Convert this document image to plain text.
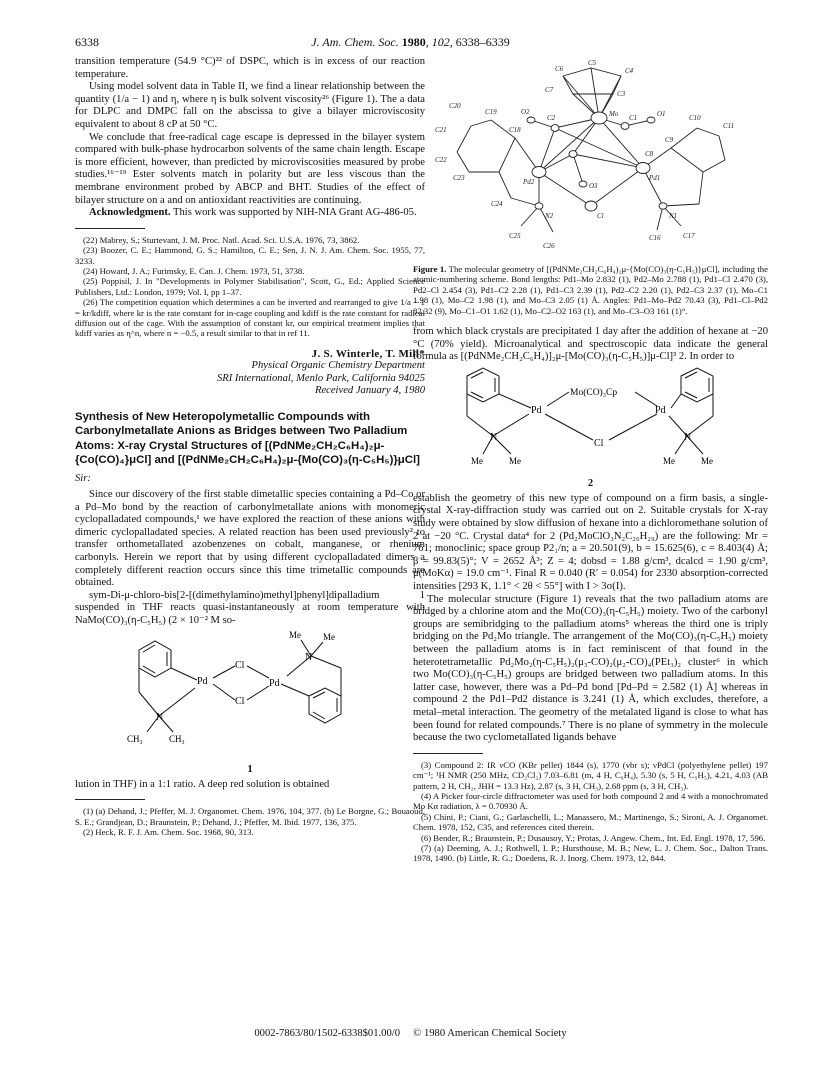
6338	J. Am. Chem. Soc. 1980, 102, 6338–6339

transition temperature (54.9 °C)²² of DSPC, which is in excess of our reaction temperature.

Using model solvent data in Table II, we find a linear relationship between the quantity (1/a − 1) and η, where η is bulk solvent viscosity²⁶ (Figure 1). The a data for DLPC and DMPC fall on the abscissa to give a bilayer microviscosity equivalent to about 8 cP at 50 °C.

We conclude that free-radical cage escape is depressed in the bilayer system compared with bulk-phase hydrocarbon solvents of the same chain length. Escape is more efficient, however, than predicted by microviscosities measured by probe studies.¹⁶⁻¹⁹ Ester solvents match in polarity but are less viscous than the membrane environment probed by ABCP and BHT. Studies of the effect of bilayer structure on a and on antioxidant reactivities are continuing.

Acknowledgment. This work was supported by NIH-NIA Grant AG-486-05.

(22) Mabrey, S.; Sturtevant, J. M. Proc. Natl. Acad. Sci. U.S.A. 1976, 73, 3862.

(23) Boozer, C. E.; Hammond, G. S.; Hamilton, C. E.; Sen, J. N. J. Am. Chem. Soc. 1955, 77, 3233.

(24) Howard, J. A.; Furimsky, E. Can. J. Chem. 1973, 51, 3738.

(25) Poppisil, J. In "Developments in Polymer Stabilisation", Scott, G., Ed.; Applied Science Publishers, Ltd.: London, 1979; Vol. I, pp 1–37.

(26) The competition equation which determines a can be inverted and rearranged to give 1/a − 1 = kr/kdiff, where kr is the rate constant for in-cage coupling and kdiff is the rate constant for radical diffusion out of the cage. With the assumption of constant kr, our empirical treatment implies that kdiff varies as η^n, where n = −0.5, a result similar to that in ref 11.

J. S. Winterle, T. Mill*
Physical Organic Chemistry Department
SRI International, Menlo Park, California 94025
Received January 4, 1980
Synthesis of New Heteropolymetallic Compounds with Carbonylmetallate Anions as Bridges between Two Palladium Atoms: X-ray Crystal Structures of [(PdNMe₂CH₂C₆H₄)₂μ-{Co(CO)₄}μCl] and [(PdNMe₂CH₂C₆H₄)₂μ-{Mo(CO)₃(η-C₅H₅)}μCl]
Sir:

Since our discovery of the first stable dimetallic species containing a Pd–Co or a Pd–Mo bond by the reaction of carbonylmetallate anions with monomeric cyclopalladated compounds,¹ we have explored the reaction of these anions with dimeric cyclopalladated species. A related reaction has been used previously² to transfer orthometallated azobenzenes on cobalt, manganese, or rhenium carbonyls. Herein we report that by using different cyclopalladated dimers a completely different reaction occurs since this time trimetallic compounds are obtained.

sym-Di-μ-chloro-bis[2-[(dimethylamino)methyl]phenyl]dipalladium 1 suspended in THF reacts quasi-instantaneously at room temperature with NaMo(CO)₃(η-C₅H₅) (2 × 10⁻² M so-

Pd
Cl
Cl
Pd
N
CH₃	CH₃
N
Me Me
1

lution in THF) in a 1:1 ratio. A deep red solution is obtained

(1) (a) Dehand, J.; Pfeffer, M. J. Organomet. Chem. 1976, 104, 377. (b) Le Borgne, G.; Bouaoud, S. E.; Grandjean, D.; Braunstein, P.; Dehand, J.; Pfeffer, M. Ibid. 1977, 136, 375.

(2) Heck, R. F. J. Am. Chem. Soc. 1968, 90, 313.

C5
C6	C4
C7	C3
C20
C19
C21	C18
C22
C23
C24
C25
C26
O2
C2	Mo C1	O1	C10
C11
C9
C8
Pd2	Pd1
O3
Cl
N2	N1
C16	C17
Figure 1. The molecular geometry of [(PdNMe₂CH₂C₆H₄)₂μ-{Mo(CO)₃(η-C₅H₅)}μCl], including the atomic-numbering scheme. Bond lengths: Pd1–Mo 2.832 (1), Pd2–Mo 2.788 (1), Pd1–Cl 2.470 (3), Pd2–Cl 2.454 (3), Pd1–C2 2.28 (1), Pd1–C3 2.39 (1), Pd2–C2 2.20 (1), Pd2–C3 2.37 (1), Mo–C1 1.98 (1), Mo–C2 1.98 (1), and Mo–C3 2.05 (1) Å. Angles: Pd1–Mo–Pd2 70.43 (3), Pd1–Cl–Pd2 82.32 (9), Mo–C1–O1 1.62 (1), Mo–C2–O2 163 (1), and Mo–C3–O3 161 (1)°.

from which black crystals are precipitated 1 day after the addition of hexane at −20 °C (70% yield). Microanalytical and spectroscopic data indicate the general formula as [(PdNMe₂CH₂C₆H₄)]₂μ-[Mo(CO)₃(η-C₅H₅)]μ-Cl]³ 2. In order to

Pd
Mo(CO)₃Cp
Pd
Cl
N
Me	Me
N
Me	Me
2

establish the geometry of this new type of compound on a firm basis, a single-crystal X-ray-diffraction study was carried out on 2. Suitable crystals for X-ray study were obtained by slow diffusion of hexane into a dichloromethane solution of 2 at −20 °C. Crystal data⁴ for 2 (Pd₂MoClO₃N₂C₂₆H₂₉) are the following: Mr = 761; monoclinic; space group P2₁/n; a = 20.501(9), b = 15.625(6), c = 8.403(4) Å; β = 99.83(5)°; V = 2652 Å³; Z = 4; dobsd = 1.88 g/cm³, dcalcd = 1.90 g/cm³, μ(MoKα) = 19.0 cm⁻¹. Final R = 0.040 (R′ = 0.054) for 2330 absorption-corrected intensities [293 K, 1.1° < 2θ < 55°] with I > 3σ(I).

The molecular structure (Figure 1) reveals that the two palladium atoms are bridged by a chlorine atom and the Mo(CO)₃(η-C₅H₅) moiety. Two of the carbonyl groups are semibridging to the palladium atoms⁵ whereas the third one is triply bridging on the Pd₂Mo triangle. The arrangement of the Mo(CO)₃(η-C₅H₅) moiety between the palladium atoms is in fact reminiscent of that found in the heterotetrametallic Pd₂Mo₂(η-C₅H₅)₂(μ₃-CO)₂(μ₂-CO)₄(PEt₃)₂ cluster⁶ in which two Mo(CO)₃(η-C₅H₅) groups are bridged between two palladium atoms. In this latter case, however, there was a Pd–Pd bond [Pd–Pd = 2.582 (1) Å] whereas in compound 2 the Pd1–Pd2 distance is 3.241 (1) Å, which excludes, therefore, a metal–metal interaction. The geometry of the metalated ligand is close to what has been found for related compounds.⁷ There is no plane of symmetry in the molecule because the two cyclometallated ligands behave

(3) Compound 2: IR νCO (KBr pellet) 1844 (s), 1770 (vbr s); νPdCl (polyethylene pellet) 197 cm⁻¹; ¹H NMR (250 MHz, CD₂Cl₂) 7.03–6.81 (m, 4 H, C₆H₄), 5.30 (s, 5 H, C₅H₅), 4.21, 4.03 (AB pattern, 2 H, CH₂, JHH = 13.3 Hz), 2.87 (s, 3 H, CH₃), 2.68 ppm (s, 3 H, CH₃).

(4) A Picker four-circle diffractometer was used for both compound 2 and 4 with a monochromated Mo Kα radiation, λ = 0.70930 Å.

(5) Chini, P.; Ciani, G.; Garlaschelli, L.; Manassero, M.; Martinengo, S.; Sironi, A. J. Organomet. Chem. 1978, 152, C35, and references cited therein.

(6) Bender, R.; Braunstein, P.; Dusausoy, Y.; Protas, J. Angew. Chem., Int. Ed. Engl. 1978, 17, 596.

(7) (a) Deeming, A. J.; Rothwell, I. P.; Hursthouse, M. B.; New, L. J. Chem. Soc., Dalton Trans. 1978, 1490. (b) Little, R. G.; Doedens, R. J. Inorg. Chem. 1973, 12, 844.

0002-7863/80/1502-6338$01.00/0 © 1980 American Chemical Society
